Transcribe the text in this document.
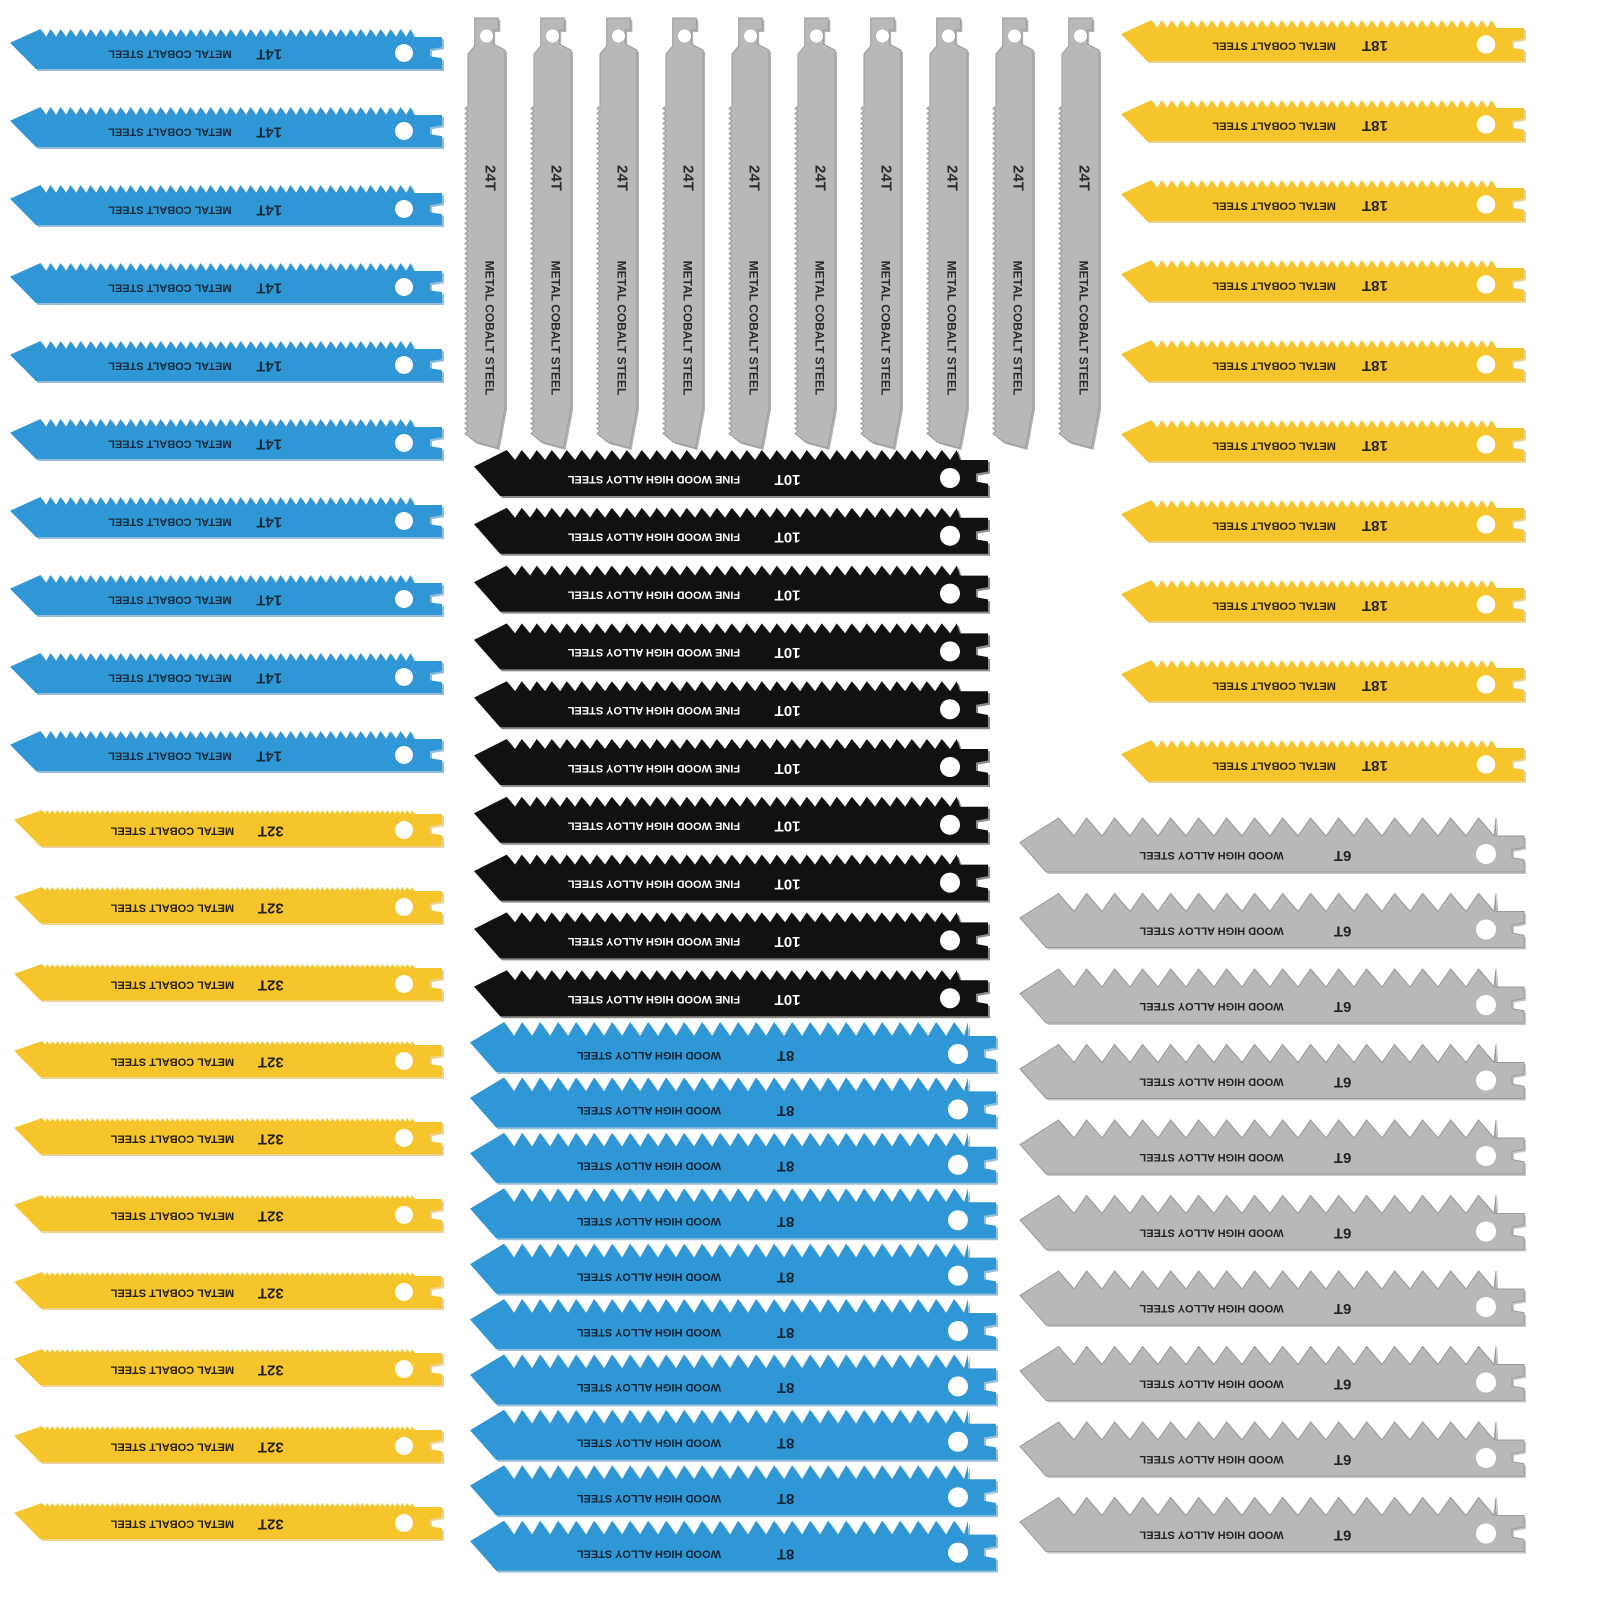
14T
METAL COBALT STEEL
14T
METAL COBALT STEEL
14T
METAL COBALT STEEL
14T
METAL COBALT STEEL
14T
METAL COBALT STEEL
14T
METAL COBALT STEEL
14T
METAL COBALT STEEL
14T
METAL COBALT STEEL
14T
METAL COBALT STEEL
14T
METAL COBALT STEEL
32T
METAL COBALT STEEL
32T
METAL COBALT STEEL
32T
METAL COBALT STEEL
32T
METAL COBALT STEEL
32T
METAL COBALT STEEL
32T
METAL COBALT STEEL
32T
METAL COBALT STEEL
32T
METAL COBALT STEEL
32T
METAL COBALT STEEL
32T
METAL COBALT STEEL
24T
METAL COBALT STEEL
24T
METAL COBALT STEEL
24T
METAL COBALT STEEL
24T
METAL COBALT STEEL
24T
METAL COBALT STEEL
24T
METAL COBALT STEEL
24T
METAL COBALT STEEL
24T
METAL COBALT STEEL
24T
METAL COBALT STEEL
24T
METAL COBALT STEEL
10T
FINE WOOD HIGH ALLOY STEEL
10T
FINE WOOD HIGH ALLOY STEEL
10T
FINE WOOD HIGH ALLOY STEEL
10T
FINE WOOD HIGH ALLOY STEEL
10T
FINE WOOD HIGH ALLOY STEEL
10T
FINE WOOD HIGH ALLOY STEEL
10T
FINE WOOD HIGH ALLOY STEEL
10T
FINE WOOD HIGH ALLOY STEEL
10T
FINE WOOD HIGH ALLOY STEEL
10T
FINE WOOD HIGH ALLOY STEEL
8T
WOOD HIGH ALLOY STEEL
8T
WOOD HIGH ALLOY STEEL
8T
WOOD HIGH ALLOY STEEL
8T
WOOD HIGH ALLOY STEEL
8T
WOOD HIGH ALLOY STEEL
8T
WOOD HIGH ALLOY STEEL
8T
WOOD HIGH ALLOY STEEL
8T
WOOD HIGH ALLOY STEEL
8T
WOOD HIGH ALLOY STEEL
8T
WOOD HIGH ALLOY STEEL
18T
METAL COBALT STEEL
18T
METAL COBALT STEEL
18T
METAL COBALT STEEL
18T
METAL COBALT STEEL
18T
METAL COBALT STEEL
18T
METAL COBALT STEEL
18T
METAL COBALT STEEL
18T
METAL COBALT STEEL
18T
METAL COBALT STEEL
18T
METAL COBALT STEEL
6T
WOOD HIGH ALLOY STEEL
6T
WOOD HIGH ALLOY STEEL
6T
WOOD HIGH ALLOY STEEL
6T
WOOD HIGH ALLOY STEEL
6T
WOOD HIGH ALLOY STEEL
6T
WOOD HIGH ALLOY STEEL
6T
WOOD HIGH ALLOY STEEL
6T
WOOD HIGH ALLOY STEEL
6T
WOOD HIGH ALLOY STEEL
6T
WOOD HIGH ALLOY STEEL
